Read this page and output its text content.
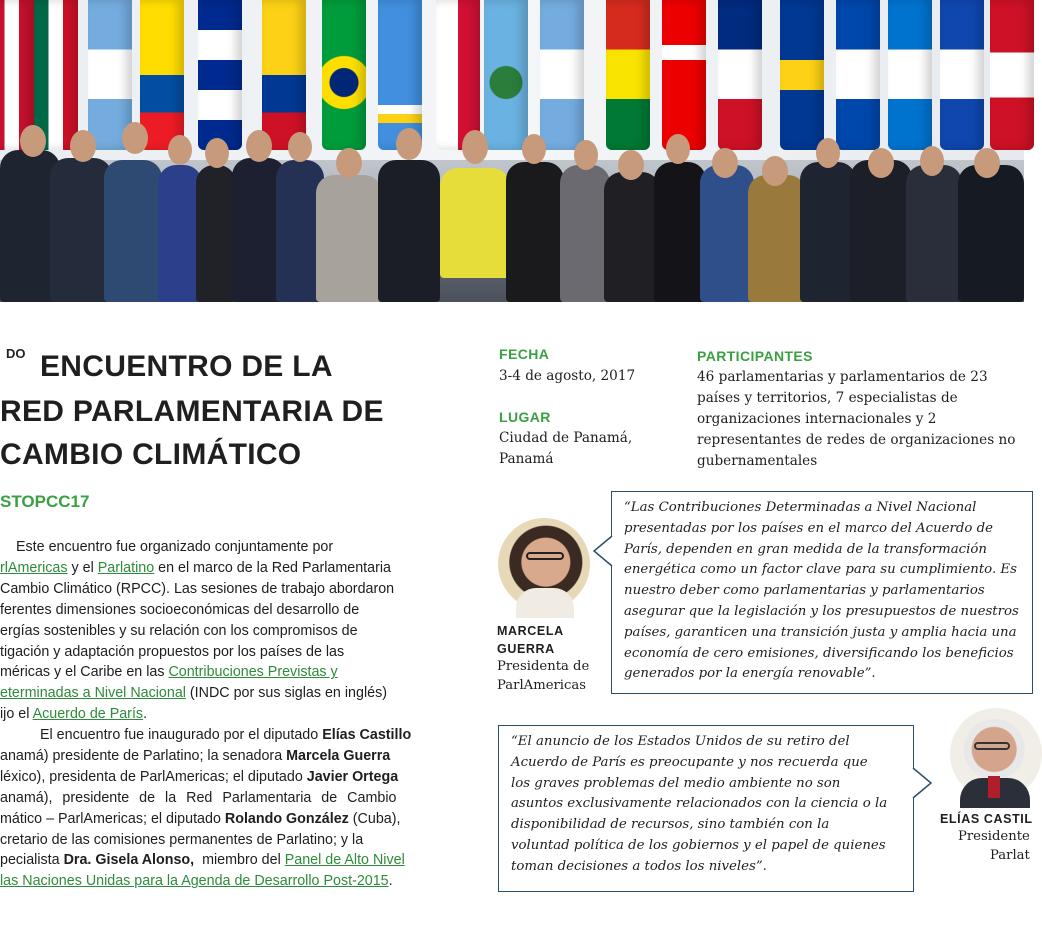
DO ENCUENTRO DE LA
RED PARLAMENTARIA DE
CAMBIO CLIMÁTICO
STOPCC17
Este encuentro fue organizado conjuntamente por
rlAmericas y el Parlatino en el marco de la Red Parlamentaria
Cambio Climático (RPCC). Las sesiones de trabajo abordaron
ferentes dimensiones socioeconómicas del desarrollo de
ergías sostenibles y su relación con los compromisos de
tigación y adaptación propuestos por los países de las
méricas y el Caribe en las Contribuciones Previstas y
eterminadas a Nivel Nacional (INDC por sus siglas en inglés)
ijo el Acuerdo de París.
El encuentro fue inaugurado por el diputado Elías Castillo
anamá) presidente de Parlatino; la senadora Marcela Guerra
léxico), presidenta de ParlAmericas; el diputado Javier Ortega
anamá), presidente de la Red Parlamentaria de Cambio
mático – ParlAmericas; el diputado Rolando González (Cuba),
cretario de las comisiones permanentes de Parlatino; y la
pecialista Dra. Gisela Alonso,  miembro del Panel de Alto Nivel
las Naciones Unidas para la Agenda de Desarrollo Post-2015.
FECHA
3-4 de agosto, 2017
LUGAR
Ciudad de Panamá,
Panamá
PARTICIPANTES
46 parlamentarias y parlamentarios de 23
países y territorios, 7 especialistas de
organizaciones internacionales y 2
representantes de redes de organizaciones no
gubernamentales
MARCELA
GUERRA
Presidenta de
ParlAmericas
“Las Contribuciones Determinadas a Nivel Nacional
presentadas por los países en el marco del Acuerdo de
París, dependen en gran medida de la transformación
energética como un factor clave para su cumplimiento. Es
nuestro deber como parlamentarias y parlamentarios
asegurar que la legislación y los presupuestos de nuestros
países, garanticen una transición justa y amplia hacia una
economía de cero emisiones, diversificando los beneficios
generados por la energía renovable”.
“El anuncio de los Estados Unidos de su retiro del
Acuerdo de París es preocupante y nos recuerda que
los graves problemas del medio ambiente no son
asuntos exclusivamente relacionados con la ciencia o la
disponibilidad de recursos, sino también con la
voluntad política de los gobiernos y el papel de quienes
toman decisiones a todos los niveles”.
ELÍAS CASTIL
Presidente
Parlat
